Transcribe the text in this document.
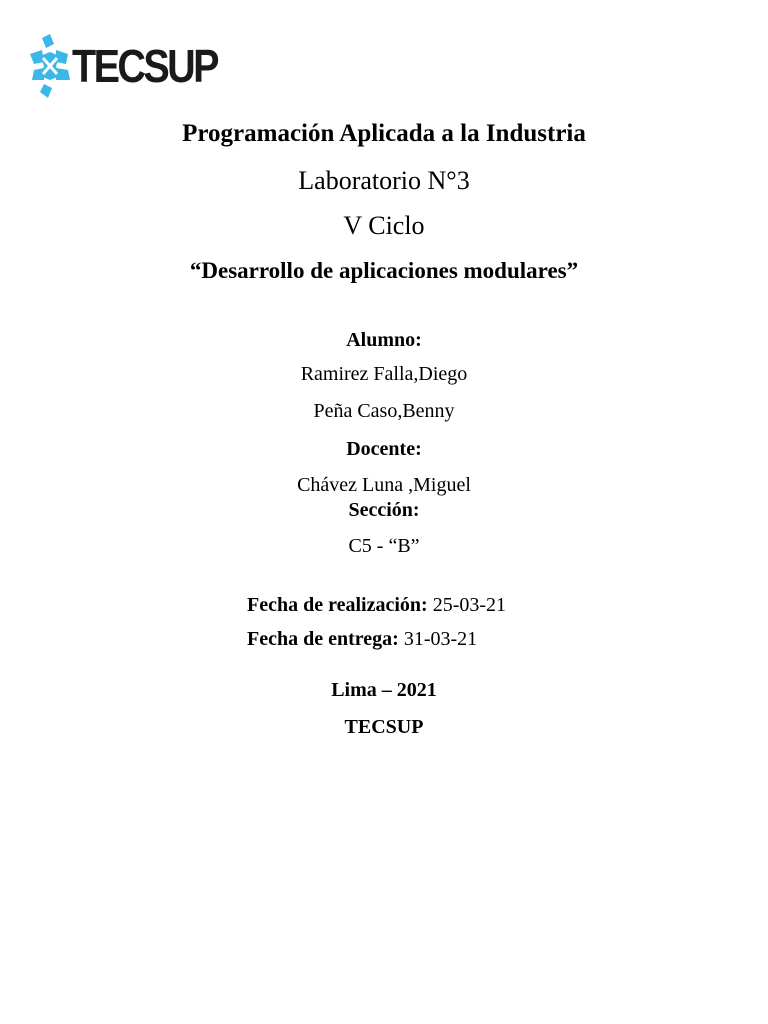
TECSUP
Programación Aplicada a la Industria
Laboratorio N°3
V Ciclo
“Desarrollo de aplicaciones modulares”
Alumno:
Ramirez Falla,Diego
Peña Caso,Benny
Docente:
Chávez Luna ,Miguel
Sección:
C5 - “B”
Fecha de realización: 25-03-21
Fecha de entrega: 31-03-21
Lima – 2021
TECSUP
